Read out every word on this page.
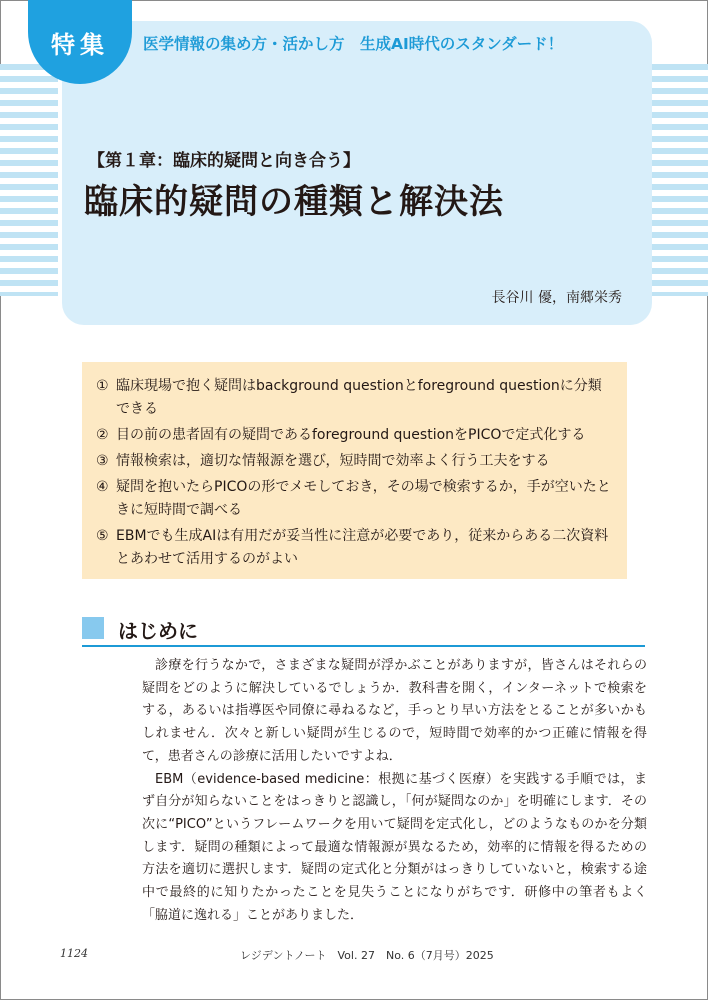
特集 医学情報の集め方・活かし方　生成AI時代のスタンダード！
【第１章：臨床的疑問と向き合う】
臨床的疑問の種類と解決法
長谷川 優，南郷栄秀
① 臨床現場で抱く疑問はbackground questionとforeground questionに分類できる
② 目の前の患者固有の疑問であるforeground questionをPICOで定式化する
③ 情報検索は，適切な情報源を選び，短時間で効率よく行う工夫をする
④ 疑問を抱いたらPICOの形でメモしておき，その場で検索するか，手が空いたときに短時間で調べる
⑤ EBMでも生成AIは有用だが妥当性に注意が必要であり，従来からある二次資料とあわせて活用するのがよい
はじめに

診療を行うなかで，さまざまな疑問が浮かぶことがありますが，皆さんはそれらの疑問をどのように解決しているでしょうか．教科書を開く，インターネットで検索をする，あるいは指導医や同僚に尋ねるなど，手っとり早い方法をとることが多いかもしれません．次々と新しい疑問が生じるので，短時間で効率的かつ正確に情報を得て，患者さんの診療に活用したいですよね．

EBM（evidence-based medicine：根拠に基づく医療）を実践する手順では，まず自分が知らないことをはっきりと認識し，「何が疑問なのか」を明確にします．その次に“PICO”というフレームワークを用いて疑問を定式化し，どのようなものかを分類します．疑問の種類によって最適な情報源が異なるため，効率的に情報を得るための方法を適切に選択します．疑問の定式化と分類がはっきりしていないと，検索する途中で最終的に知りたかったことを見失うことになりがちです．研修中の筆者もよく「脇道に逸れる」ことがありました．

1124	レジデントノート　Vol. 27　No. 6（7月号）2025
